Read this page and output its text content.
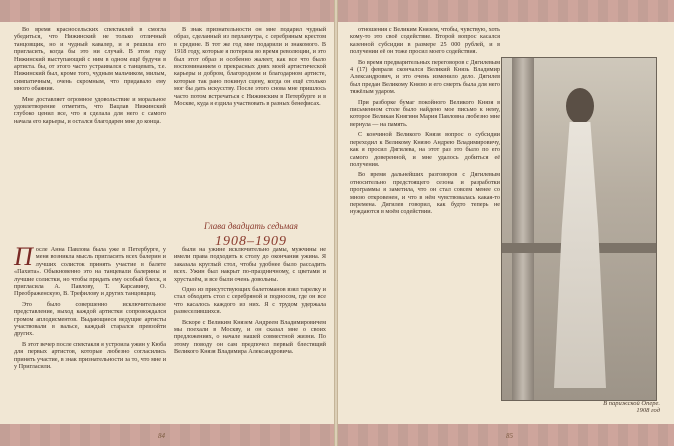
Во время красносельских спектаклей в смогла убедиться, что Нижинский не только отличный танцовщик, но и чудный кавалер, и я решила его пригласить, когда бы это ни случай. В этом году Нижинский выступающий с ним в одном ещё будучи в артиста. бы, от этого часто устраивался с танцевать, т.е. Нижинский был, кроме того, чудным мальчиком, милым, симпатичным, очень скромным, что придавало ему много обаяния.

Мне доставляет огромное удовольствие и моральное удовлетворение отметить, что Вацлав Нижинский глубоко ценил все, что я сделала для него с самого начала его карьеры, и остался благодарен мне до конца.

В знак признательности он мне подарил чудный образ, сделанный из перламутра, с серебряным крестом в средине. В тот же год мне подарили и знакомого. В 1918 году, которые я потеряла во время революции, и это был этот образ и особенно жалеет, как все что было воспоминанием о прекрасных днях моей артистической карьеры и добром, благородном и благодарном артисте, которые так рано покинул сцену, когда он ещё столько мог бы дать искусству. После этого снова мне пришлось часто потом встречаться с Нижинским в Петербурге и в Москве, куда я ездила участвовать в разных бенефисах.

Глава двадцать седьмая
1908–1909

После Анна Павлова была уже в Петербурге, у меня возникла мысль пригласить всех балерин и лучших солисток принять участие в балете «Пахита». Обыкновенно это на танцевали балерины и лучшие солистки, но чтобы придать ему особый блеск, я пригласила А. Павлову, Т. Карсавину, О. Преображенскую, В. Трефилову и других танцовщиц.

Это было совершенно исключительное представление, выход каждой артистки сопровождался громом аплодисментов. Выдающиеся ведущие артисты участвовали в вальсе, каждый старался превзойти других.

В этот вечер после спектакля я устроила ужин у Кюба для первых артистов, которые любезно согласились принять участие, в знак признательности за то, что мне и у Пригласили.

были на ужине исключительно дамы, мужчины не имели права подходить к столу до окончания ужина. Я заказала круглый стол, чтобы удобнее было рассадить всех. Ужин был накрыт по-праздничному, с цветами и хрусталём, и все были очень довольны.

Одно из присутствующих балетоманов взял тарелку и стал обходить стол с серебряной и подносом, где он все что касалось каждого из них. Я с трудом удержала развеселившихся.

Вскоре с Великим Князем Андреем Владимировичем мы поехали в Москву, и он сказал мне о своих предложениях, о начале нашей совместной жизни. По этому поводу он сам предпочел первый блестящий Великого Князя Владимира Александровича.

84

отношения с Великим Князем, чтобы, чувствую, хоть кому-то это своё содействие. Второй вопрос касался казенной субсидии в размере 25 000 рублей, и в получении её он тоже просил моего содействия.

Во время предварительных переговоров с Дягилевым 4 (17) февраля скончался Великий Князь Владимир Александрович, и это очень изменило дело. Дягилев был предан Великому Князю и его смерть была для него тяжёлым ударом.

При разборке бумаг покойного Великого Князя в письменном столе было найдено мое письмо к нему, которое Великая Княгиня Мария Павловна любезно мне вернула — на память.

С кончиной Великого Князя вопрос о субсидии переходил к Великому Князю Андрею Владимировичу, как я просил Дягилева, на этот раз это было по его самого доверенной, и мне удалось добиться её получения.

Во время дальнейших разговоров с Дягилевым относительно предстоящего сезона и разработки программы я заметила, что он стал совсем менее со мною откровенен, и что в нём чувствовалась какая-то перемена. Дягилев говорил, как будто теперь не нуждаются в моём содействии.

85
В парижской Опере.
1908 год
